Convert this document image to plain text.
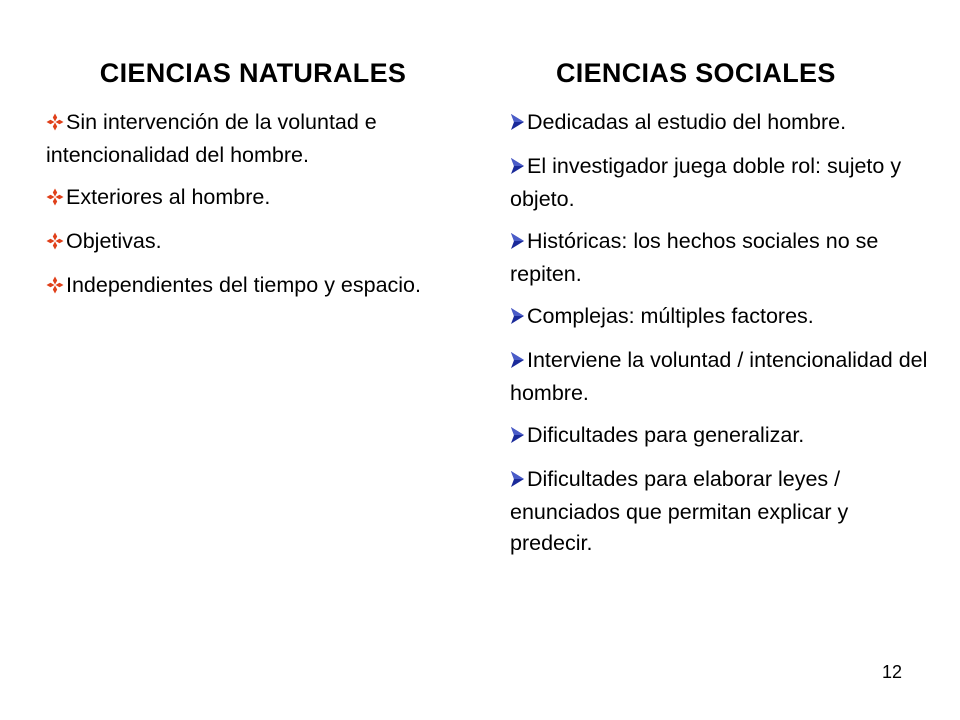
CIENCIAS NATURALES
Sin intervención de la voluntad e intencionalidad del hombre.
Exteriores al hombre.
Objetivas.
Independientes del tiempo y espacio.
CIENCIAS SOCIALES
Dedicadas al estudio del hombre.
El investigador juega doble rol: sujeto y objeto.
Históricas: los hechos sociales no se repiten.
Complejas: múltiples factores.
Interviene la voluntad / intencionalidad del hombre.
Dificultades para generalizar.
Dificultades para elaborar leyes / enunciados que permitan explicar y predecir.
12
